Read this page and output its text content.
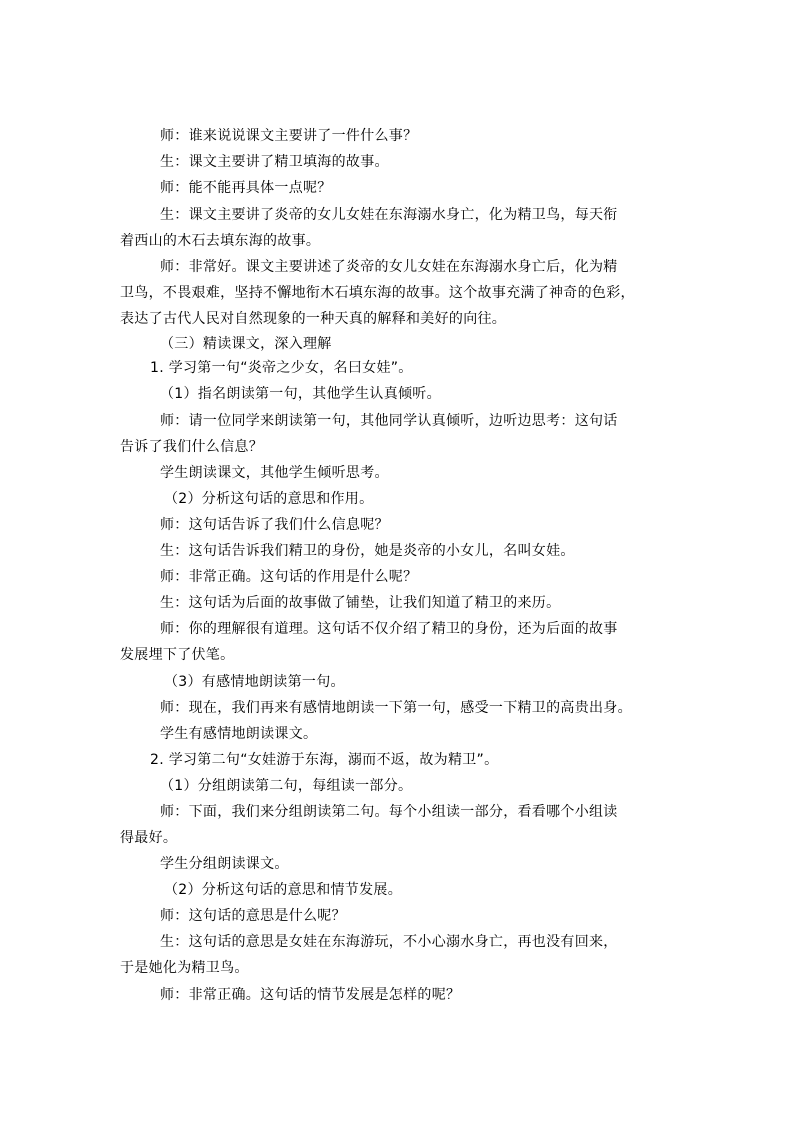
师：谁来说说课文主要讲了一件什么事？
生：课文主要讲了精卫填海的故事。
师：能不能再具体一点呢？
生：课文主要讲了炎帝的女儿女娃在东海溺水身亡，化为精卫鸟，每天衔
着西山的木石去填东海的故事。
师：非常好。课文主要讲述了炎帝的女儿女娃在东海溺水身亡后，化为精
卫鸟，不畏艰难，坚持不懈地衔木石填东海的故事。这个故事充满了神奇的色彩，
表达了古代人民对自然现象的一种天真的解释和美好的向往。
（三）精读课文，深入理解
1. 学习第一句“炎帝之少女，名曰女娃”。
（1）指名朗读第一句，其他学生认真倾听。
师：请一位同学来朗读第一句，其他同学认真倾听，边听边思考：这句话
告诉了我们什么信息？
学生朗读课文，其他学生倾听思考。
（2）分析这句话的意思和作用。
师：这句话告诉了我们什么信息呢？
生：这句话告诉我们精卫的身份，她是炎帝的小女儿，名叫女娃。
师：非常正确。这句话的作用是什么呢？
生：这句话为后面的故事做了铺垫，让我们知道了精卫的来历。
师：你的理解很有道理。这句话不仅介绍了精卫的身份，还为后面的故事
发展埋下了伏笔。
（3）有感情地朗读第一句。
师：现在，我们再来有感情地朗读一下第一句，感受一下精卫的高贵出身。
学生有感情地朗读课文。
2. 学习第二句“女娃游于东海，溺而不返，故为精卫”。
（1）分组朗读第二句，每组读一部分。
师：下面，我们来分组朗读第二句。每个小组读一部分，看看哪个小组读
得最好。
学生分组朗读课文。
（2）分析这句话的意思和情节发展。
师：这句话的意思是什么呢？
生：这句话的意思是女娃在东海游玩，不小心溺水身亡，再也没有回来，
于是她化为精卫鸟。
师：非常正确。这句话的情节发展是怎样的呢？
